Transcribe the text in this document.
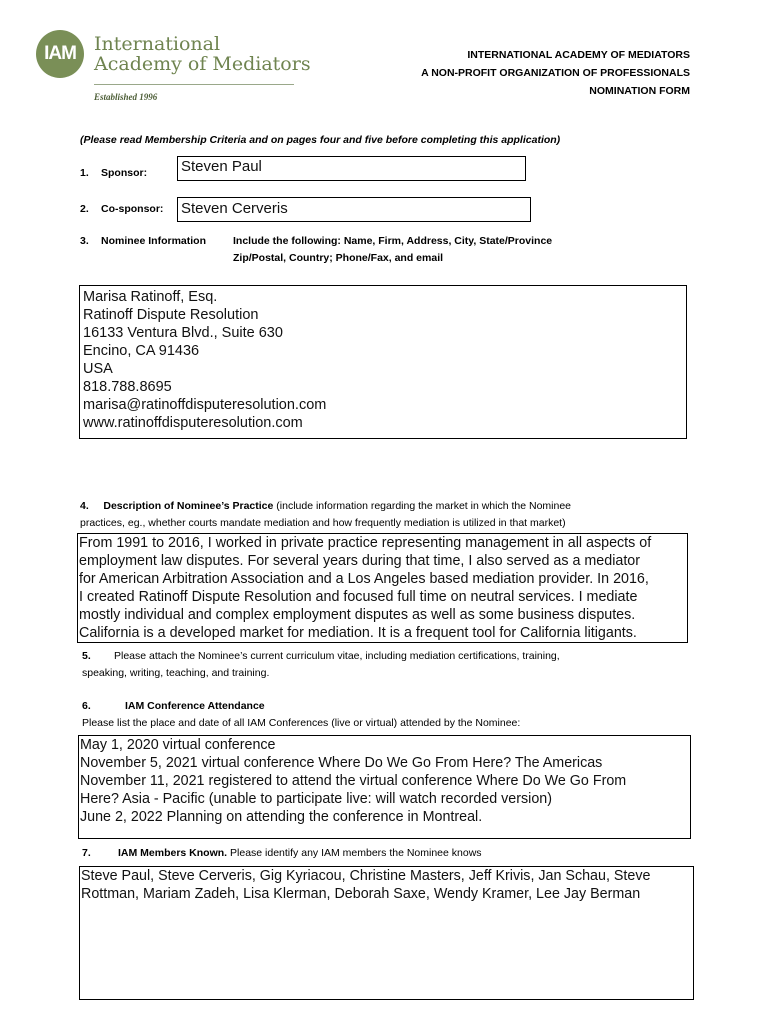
IAM International
Academy of Mediators
Established 1996
INTERNATIONAL ACADEMY OF MEDIATORS
A NON-PROFIT ORGANIZATION OF PROFESSIONALS
NOMINATION FORM
(Please read Membership Criteria and on pages four and five before completing this application)
1. Sponsor: Steven Paul
2. Co-sponsor: Steven Cerveris
3. Nominee Information	Include the following: Name, Firm, Address, City, State/Province
Zip/Postal, Country; Phone/Fax, and email
Marisa Ratinoff, Esq.
Ratinoff Dispute Resolution
16133 Ventura Blvd., Suite 630
Encino, CA 91436
USA
818.788.8695
marisa@ratinoffdisputeresolution.com
www.ratinoffdisputeresolution.com
4. Description of Nominee’s Practice (include information regarding the market in which the Nominee
practices, eg., whether courts mandate mediation and how frequently mediation is utilized in that market)
From 1991 to 2016, I worked in private practice representing management in all aspects of
employment law disputes. For several years during that time, I also served as a mediator
for American Arbitration Association and a Los Angeles based mediation provider. In 2016,
I created Ratinoff Dispute Resolution and focused full time on neutral services. I mediate
mostly individual and complex employment disputes as well as some business disputes.
California is a developed market for mediation. It is a frequent tool for California litigants.
5. Please attach the Nominee’s current curriculum vitae, including mediation certifications, training,
speaking, writing, teaching, and training.
6.	IAM Conference Attendance
Please list the place and date of all IAM Conferences (live or virtual) attended by the Nominee:
May 1, 2020 virtual conference
November 5, 2021 virtual conference Where Do We Go From Here? The Americas
November 11, 2021 registered to attend the virtual conference Where Do We Go From
Here? Asia - Pacific (unable to participate live: will watch recorded version)
June 2, 2022 Planning on attending the conference in Montreal.
7.	IAM Members Known. Please identify any IAM members the Nominee knows
Steve Paul, Steve Cerveris, Gig Kyriacou, Christine Masters, Jeff Krivis, Jan Schau, Steve
Rottman, Mariam Zadeh, Lisa Klerman, Deborah Saxe, Wendy Kramer, Lee Jay Berman
